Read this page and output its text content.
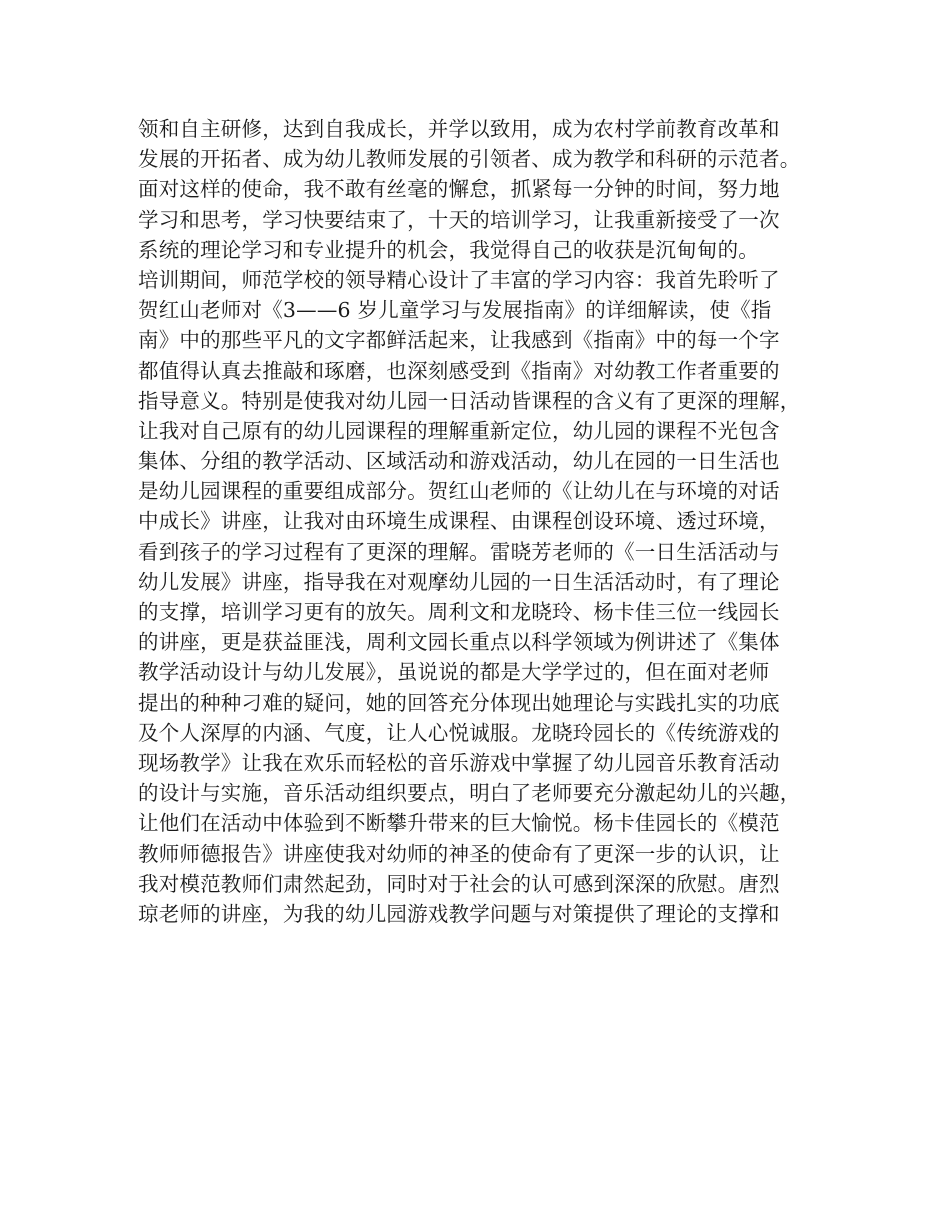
领和自主研修，达到自我成长，并学以致用，成为农村学前教育改革和
发展的开拓者、成为幼儿教师发展的引领者、成为教学和科研的示范者。
面对这样的使命，我不敢有丝毫的懈怠，抓紧每一分钟的时间，努力地
学习和思考，学习快要结束了，十天的培训学习，让我重新接受了一次
系统的理论学习和专业提升的机会，我觉得自己的收获是沉甸甸的。
培训期间，师范学校的领导精心设计了丰富的学习内容：我首先聆听了
贺红山老师对《3——6 岁儿童学习与发展指南》的详细解读，使《指
南》中的那些平凡的文字都鲜活起来，让我感到《指南》中的每一个字
都值得认真去推敲和琢磨，也深刻感受到《指南》对幼教工作者重要的
指导意义。特别是使我对幼儿园一日活动皆课程的含义有了更深的理解，
让我对自己原有的幼儿园课程的理解重新定位，幼儿园的课程不光包含
集体、分组的教学活动、区域活动和游戏活动，幼儿在园的一日生活也
是幼儿园课程的重要组成部分。贺红山老师的《让幼儿在与环境的对话
中成长》讲座，让我对由环境生成课程、由课程创设环境、透过环境，
看到孩子的学习过程有了更深的理解。雷晓芳老师的《一日生活活动与
幼儿发展》讲座，指导我在对观摩幼儿园的一日生活活动时，有了理论
的支撑，培训学习更有的放矢。周利文和龙晓玲、杨卡佳三位一线园长
的讲座，更是获益匪浅，周利文园长重点以科学领域为例讲述了《集体
教学活动设计与幼儿发展》，虽说说的都是大学学过的，但在面对老师
提出的种种刁难的疑问，她的回答充分体现出她理论与实践扎实的功底
及个人深厚的内涵、气度，让人心悦诚服。龙晓玲园长的《传统游戏的
现场教学》让我在欢乐而轻松的音乐游戏中掌握了幼儿园音乐教育活动
的设计与实施，音乐活动组织要点，明白了老师要充分激起幼儿的兴趣，
让他们在活动中体验到不断攀升带来的巨大愉悦。杨卡佳园长的《模范
教师师德报告》讲座使我对幼师的神圣的使命有了更深一步的认识，让
我对模范教师们肃然起劲，同时对于社会的认可感到深深的欣慰。唐烈
琼老师的讲座，为我的幼儿园游戏教学问题与对策提供了理论的支撑和
